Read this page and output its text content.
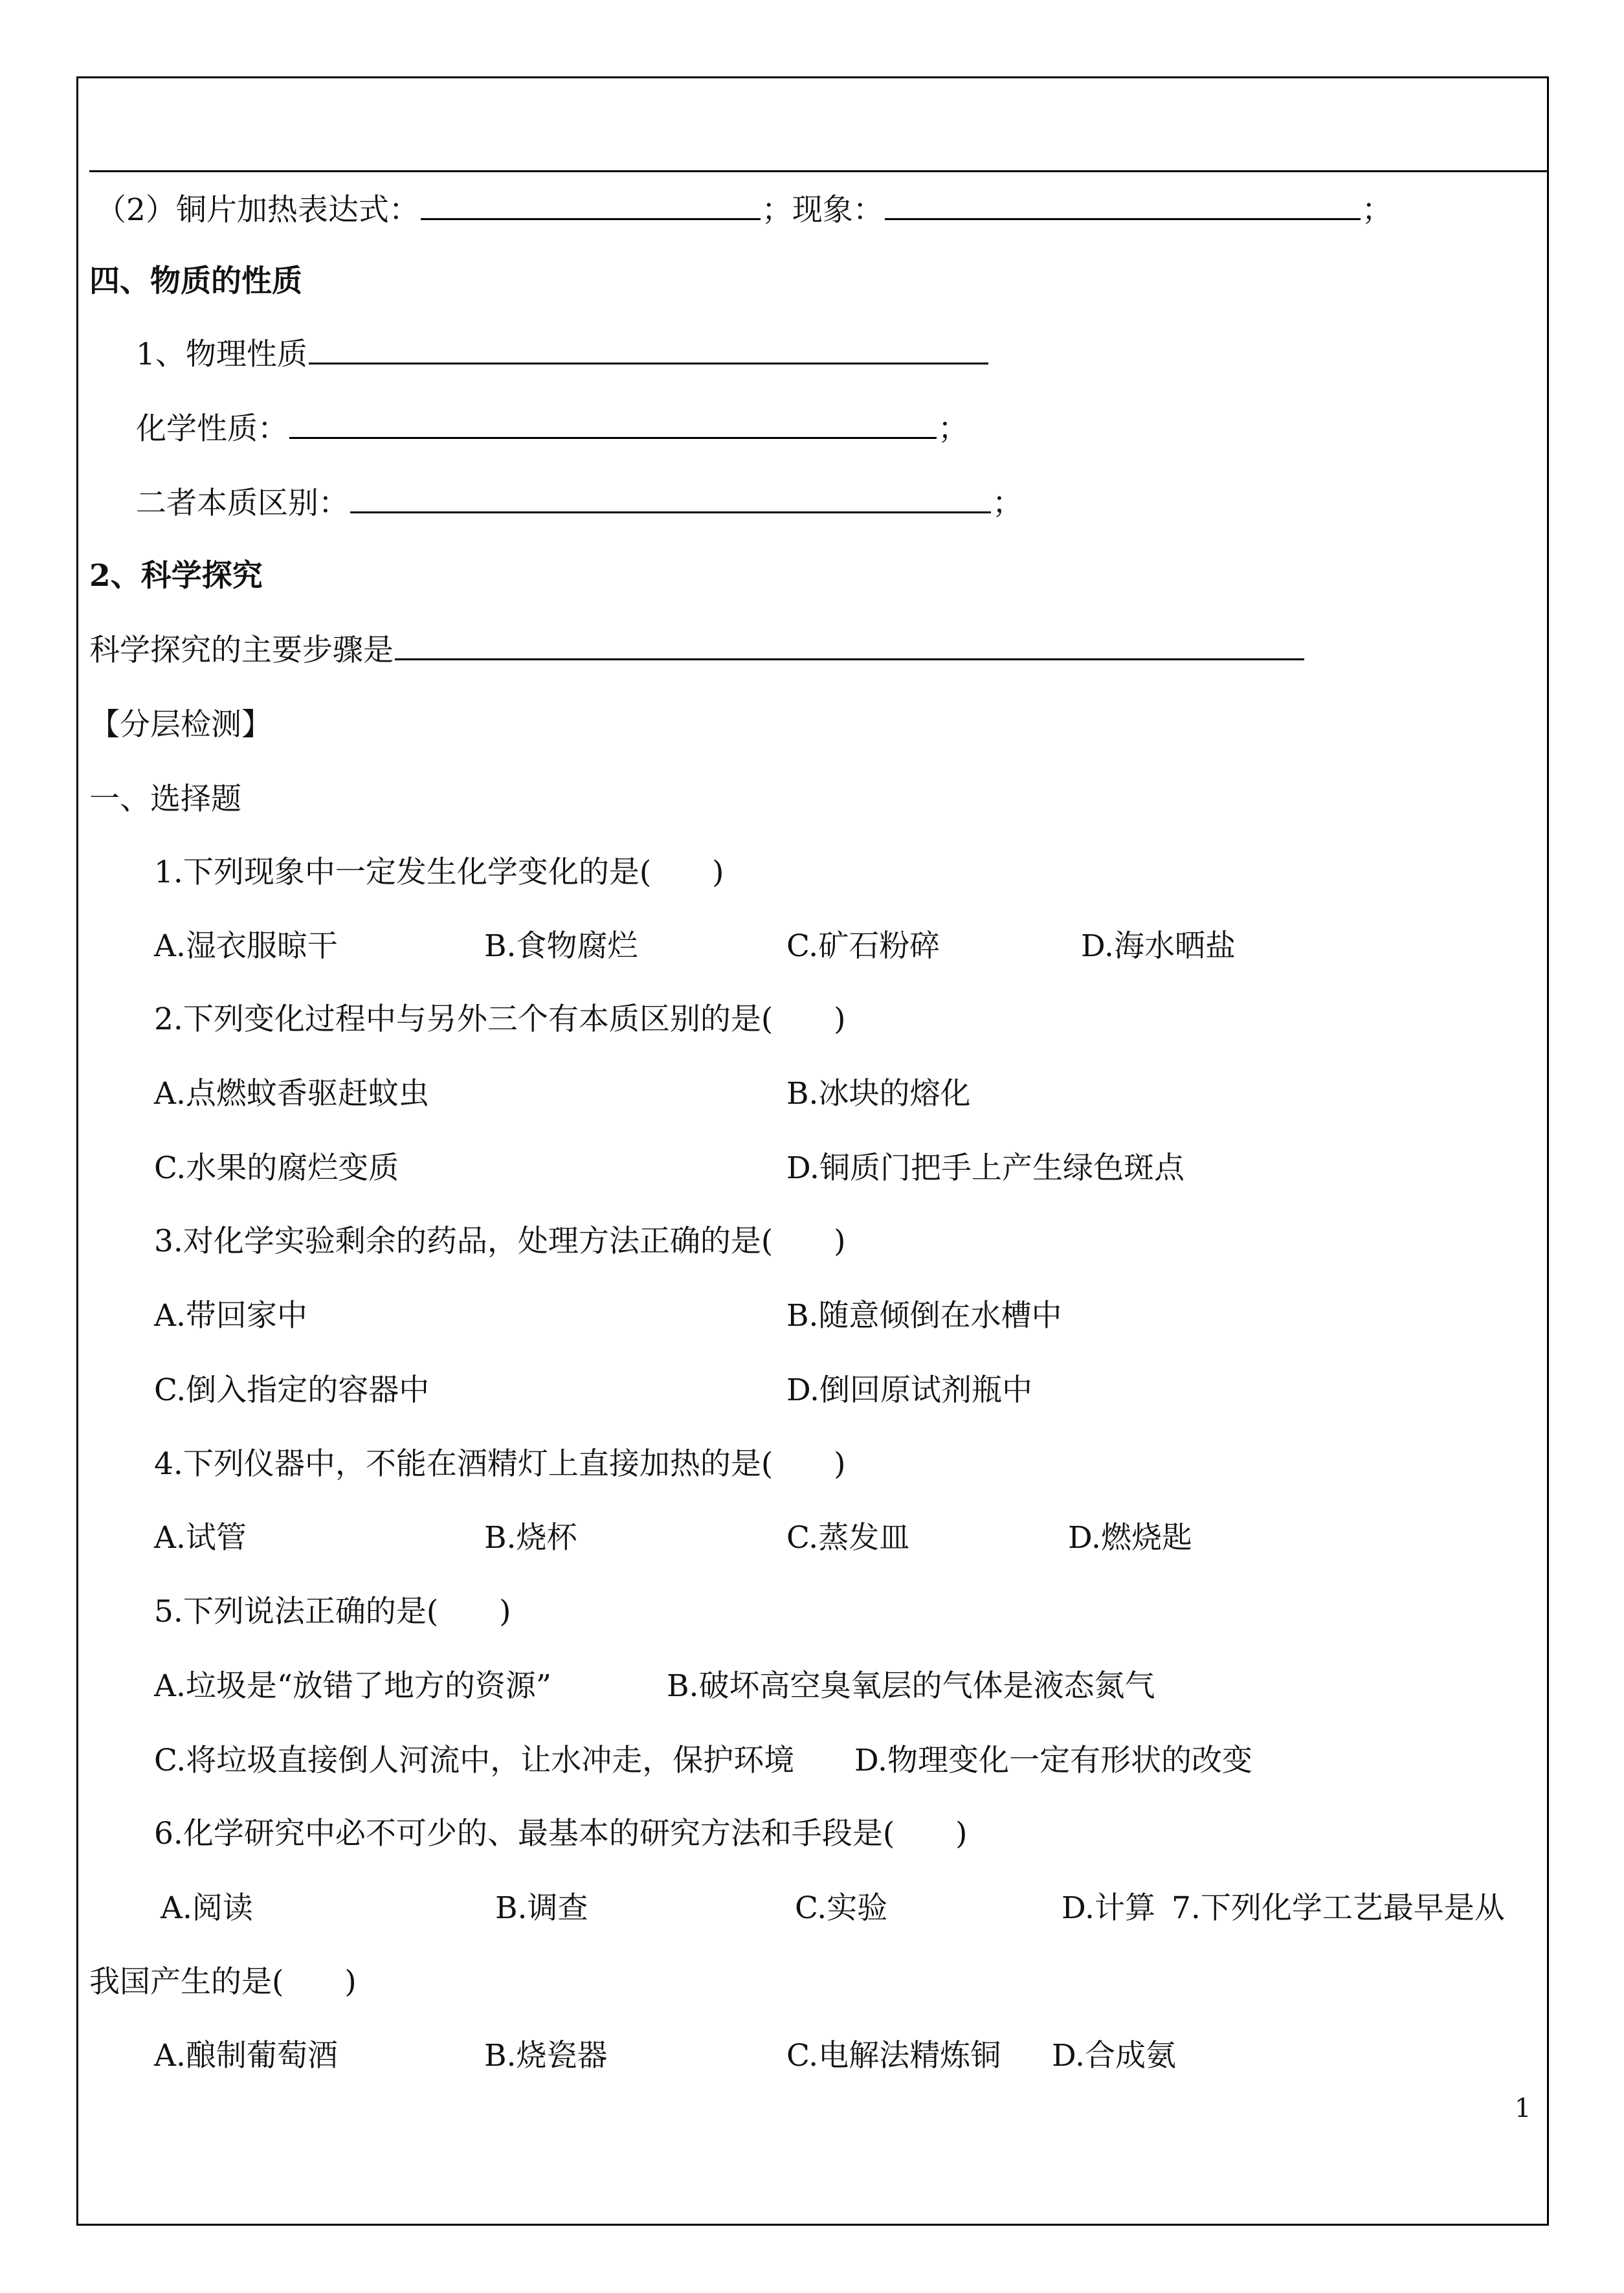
（2）铜片加热表达式：	；现象：	；
四、物质的性质
1、物理性质
化学性质：	；
二者本质区别：	；
2、科学探究
科学探究的主要步骤是
【分层检测】
一、选择题
1.下列现象中一定发生化学变化的是(　　)
A.湿衣服晾干	B.食物腐烂	C.矿石粉碎	D.海水晒盐
2.下列变化过程中与另外三个有本质区别的是(　　)
A.点燃蚊香驱赶蚊虫	B.冰块的熔化
C.水果的腐烂变质	D.铜质门把手上产生绿色斑点
3.对化学实验剩余的药品，处理方法正确的是(　　)
A.带回家中	B.随意倾倒在水槽中
C.倒入指定的容器中	D.倒回原试剂瓶中
4.下列仪器中，不能在酒精灯上直接加热的是(　　)
A.试管	B.烧杯	C.蒸发皿	D.燃烧匙
5.下列说法正确的是(　　)
A.垃圾是“放错了地方的资源”	B.破坏高空臭氧层的气体是液态氮气
C.将垃圾直接倒人河流中，让水冲走，保护环境 D.物理变化一定有形状的改变
6.化学研究中必不可少的、最基本的研究方法和手段是(　　)
A.阅读	B.调查	C.实验	D.计算 7.下列化学工艺最早是从
我国产生的是(　　)
A.酿制葡萄酒	B.烧瓷器	C.电解法精炼铜 D.合成氨
1
